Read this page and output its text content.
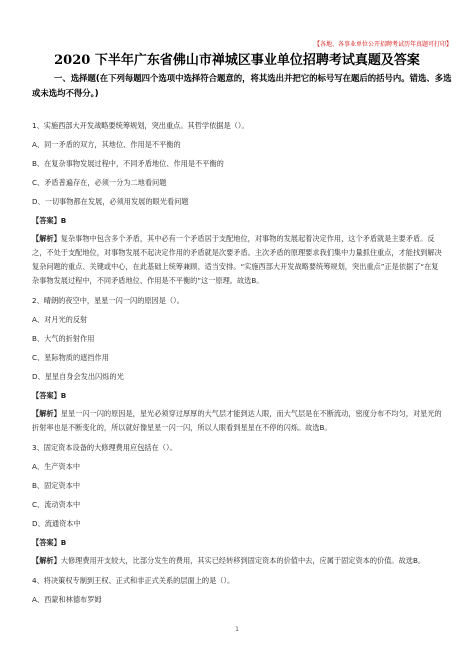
【各地、各事业单位公开招聘考试历年真题可打印】
2020 下半年广东省佛山市禅城区事业单位招聘考试真题及答案
一、选择题(在下列每题四个选项中选择符合题意的，将其选出并把它的标号写在题后的括号内。错选、多选或未选均不得分。)
1、实施西部大开发战略要统筹规划，突出重点。其哲学依据是（）。
A、同一矛盾的双方，其地位、作用是不平衡的
B、在复杂事物发展过程中，不同矛盾地位、作用是不平衡的
C、矛盾普遍存在，必须一分为二地看问题
D、一切事物都在发展，必须用发展的眼光看问题
【答案】B
【解析】复杂事物中包含多个矛盾，其中必有一个矛盾居于支配地位，对事物的发展起着决定作用，这个矛盾就是主要矛盾。反之，不处于支配地位，对事物发展不起决定作用的矛盾就是次要矛盾。主次矛盾的原理要求我们集中力量抓住重点，才能找到解决复杂问题的重点、关键或中心，在此基础上统筹兼顾、适当安排。“实施西部大开发战略要统筹规划，突出重点”正是依据了“在复杂事物发展过程中，不同矛盾地位、作用是不平衡的”这一原理。故选B。
2、晴朗的夜空中，星星一闪一闪的原因是（）。
A、对月光的反射
B、大气的折射作用
C、星际物质的遮挡作用
D、星星自身会发出闪烁的光
【答案】B
【解析】星星一闪一闪的原因是，星光必须穿过厚厚的大气层才能到达人眼，而大气层是在不断流动，密度分布不均匀，对星光的折射率也是不断变化的，所以就好像星星一闪一闪，所以人眼看到星星在不停的闪烁。故选B。
3、固定资本设备的大修理费用应包括在（）。
A、生产资本中
B、固定资本中
C、流动资本中
D、流通资本中
【答案】B
【解析】大修理费用开支较大，比部分发生的费用，其实已经转移到固定资本的价值中去，应属于固定资本的价值。故选B。
4、将决策权专制到王权、正式和非正式关系的层面上的是（）。
A、西蒙和林德布罗姆
1
